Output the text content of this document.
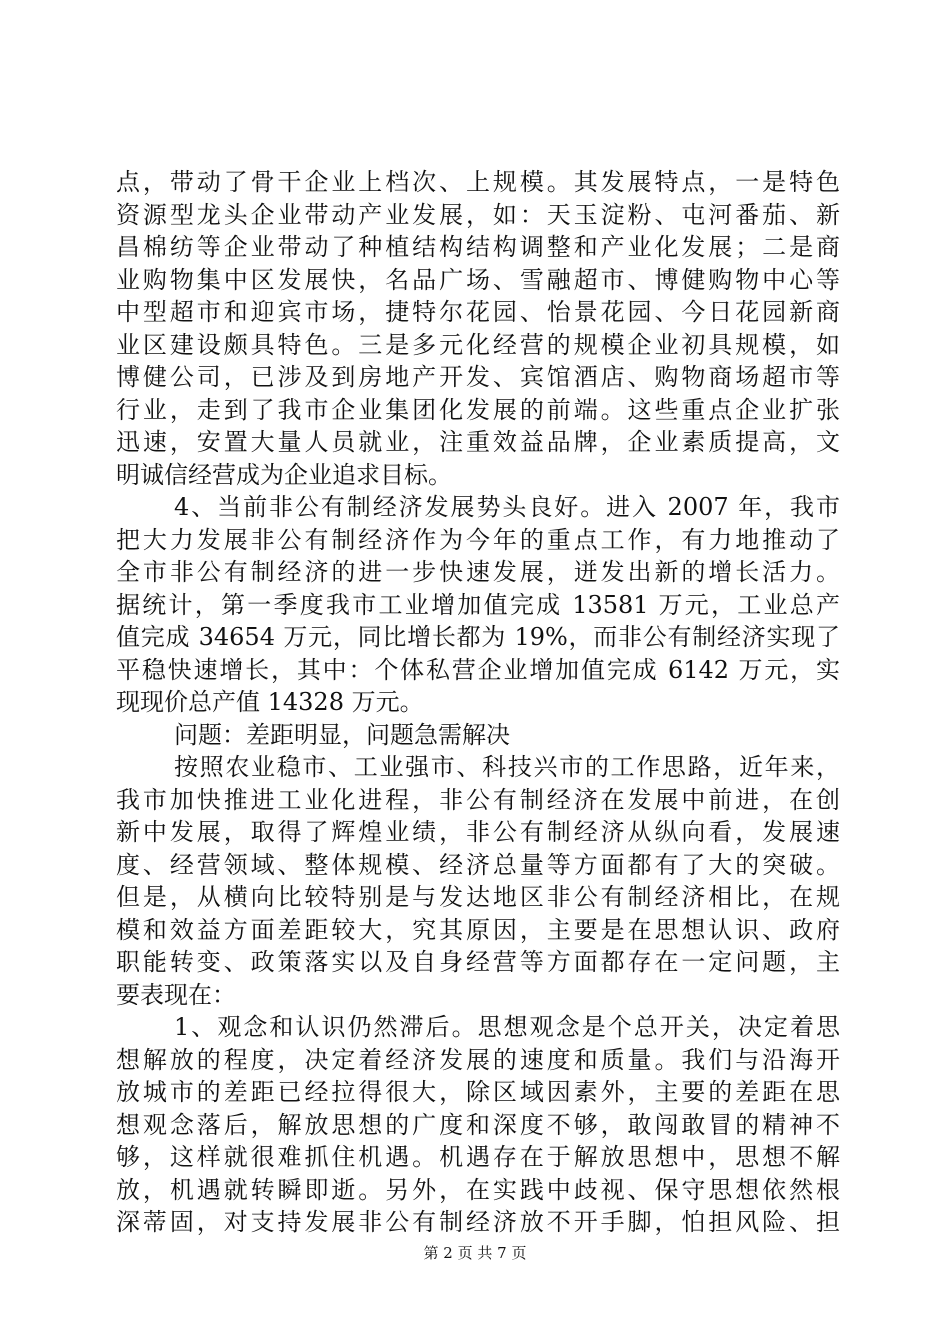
点，带动了骨干企业上档次、上规模。其发展特点，一是特色
资源型龙头企业带动产业发展，如：天玉淀粉、屯河番茄、新
昌棉纺等企业带动了种植结构结构调整和产业化发展；二是商
业购物集中区发展快，名品广场、雪融超市、博健购物中心等
中型超市和迎宾市场，捷特尔花园、怡景花园、今日花园新商
业区建设颇具特色。三是多元化经营的规模企业初具规模，如
博健公司，已涉及到房地产开发、宾馆酒店、购物商场超市等
行业，走到了我市企业集团化发展的前端。这些重点企业扩张
迅速，安置大量人员就业，注重效益品牌，企业素质提高，文
明诚信经营成为企业追求目标。
4、当前非公有制经济发展势头良好。进入 2007 年，我市
把大力发展非公有制经济作为今年的重点工作，有力地推动了
全市非公有制经济的进一步快速发展，迸发出新的增长活力。
据统计，第一季度我市工业增加值完成 13581 万元，工业总产
值完成 34654 万元，同比增长都为 19%，而非公有制经济实现了
平稳快速增长，其中：个体私营企业增加值完成 6142 万元，实
现现价总产值 14328 万元。
问题：差距明显，问题急需解决
按照农业稳市、工业强市、科技兴市的工作思路，近年来，
我市加快推进工业化进程，非公有制经济在发展中前进，在创
新中发展，取得了辉煌业绩，非公有制经济从纵向看，发展速
度、经营领域、整体规模、经济总量等方面都有了大的突破。
但是，从横向比较特别是与发达地区非公有制经济相比，在规
模和效益方面差距较大，究其原因，主要是在思想认识、政府
职能转变、政策落实以及自身经营等方面都存在一定问题，主
要表现在：
1、观念和认识仍然滞后。思想观念是个总开关，决定着思
想解放的程度，决定着经济发展的速度和质量。我们与沿海开
放城市的差距已经拉得很大，除区域因素外，主要的差距在思
想观念落后，解放思想的广度和深度不够，敢闯敢冒的精神不
够，这样就很难抓住机遇。机遇存在于解放思想中，思想不解
放，机遇就转瞬即逝。另外，在实践中歧视、保守思想依然根
深蒂固，对支持发展非公有制经济放不开手脚，怕担风险、担
第 2 页 共 7 页
